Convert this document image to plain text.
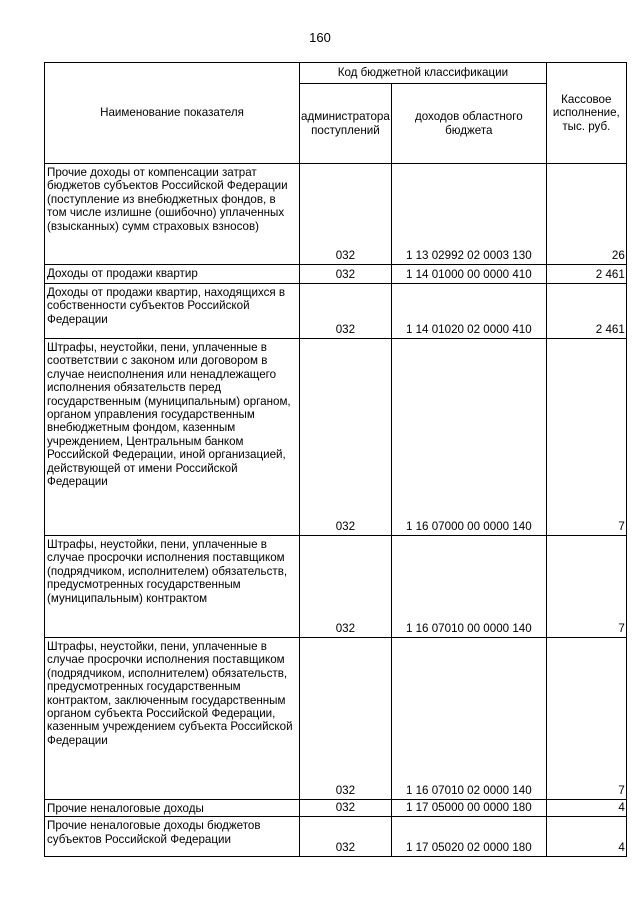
160
Наименование показателя	Код бюджетной классификации		Кассовое исполнение, тыс. руб.
	администратора поступлений	доходов областного бюджета	
Прочие доходы от компенсации затрат бюджетов субъектов Российской Федерации (поступление из внебюджетных фондов, в том числе излишне (ошибочно) уплаченных (взысканных) сумм страховых взносов)	032	1 13 02992 02 0003 130	26
Доходы от продажи квартир	032	1 14 01000 00 0000 410	2 461
Доходы от продажи квартир, находящихся в собственности субъектов Российской Федерации	032	1 14 01020 02 0000 410	2 461
Штрафы, неустойки, пени, уплаченные в соответствии с законом или договором в случае неисполнения или ненадлежащего исполнения обязательств перед государственным (муниципальным) органом, органом управления государственным внебюджетным фондом, казенным учреждением, Центральным банком Российской Федерации, иной организацией, действующей от имени Российской Федерации	032	1 16 07000 00 0000 140	7
Штрафы, неустойки, пени, уплаченные в случае просрочки исполнения поставщиком (подрядчиком, исполнителем) обязательств, предусмотренных государственным (муниципальным) контрактом	032	1 16 07010 00 0000 140	7
Штрафы, неустойки, пени, уплаченные в случае просрочки исполнения поставщиком (подрядчиком, исполнителем) обязательств, предусмотренных государственным контрактом, заключенным государственным органом субъекта Российской Федерации, казенным учреждением субъекта Российской Федерации	032	1 16 07010 02 0000 140	7
Прочие неналоговые доходы	032	1 17 05000 00 0000 180	4
Прочие неналоговые доходы бюджетов субъектов Российской Федерации	032	1 17 05020 02 0000 180	4
